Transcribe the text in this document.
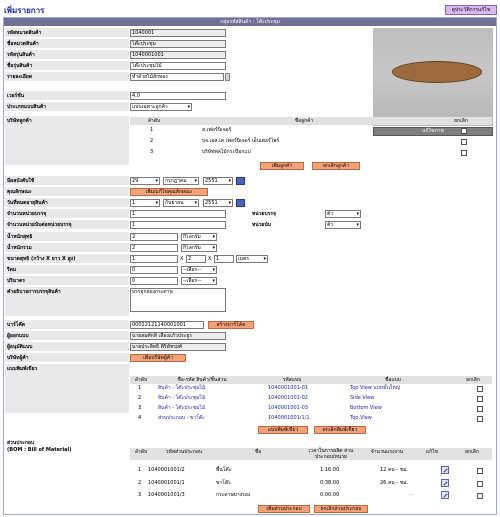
เพิ่มรายการ	ดูประวัติการแก้ไข
กลุ่มรหัสสินค้า : โต๊ะประชุม
รหัสหมวดสินค้า	1040001
ชื่อหมวดสินค้า	โต๊ะประชุม
รหัสรุ่นสินค้า	1040001001
ชื่อรุ่นสินค้า	โต๊ะประชุมไม้
รายละเอียด	ทำด้วยไม้สักทอง
เวอร์ชั่น	4.0
ประเภทแบบสินค้า	แบบเฉพาะลูกค้า ▾
แก้ไขภาพ
บริษัทลูกค้า	ลำดับ	ชื่อลูกค้า	ยกเลิก
1	ส.เฟอร์นิเจอร์
2	บจ.เอส.เค เฟอร์นิเจอร์ เอ็นเตอร์ไพร์
3	บริษัทพลไม้กระบือกแป
เพิ่มลูกค้า	ยกเลิกลูกค้า
มีผลบังคับใช้	29 ▾	กรกฎาคม ▾	2551 ▾
คุณลักษณะ	เพิ่ม/แก้ไขคุณลักษณะ
วันที่หมดอายุสินค้า	1 ▾	กันยายน ▾	2551 ▾
จำนวนหน่วยบรรจุ	1	หน่วยบรรจุ	ตัว ▾
จำนวนหน่วยนับต่อหน่วยบรรจุ	1	หน่วยนับ	ตัว ▾
น้ำหนักสุทธิ	2	กิโลกรัม ▾
น้ำหนักรวม	2	กิโลกรัม ▾
ขนาดสุทธิ (กว้าง X ยาว X สูง)	1	X 2	X 1	เมตร ▾
รีดม	0	--เลือก-- ▾
ปริมาตร	0	--เลือก-- ▾
คำอธิบายการบรรจุสินค้า	บรรจุกล่องกระดาษ
บาร์โค๊ด	00022121140001001	สร้างบาร์โค้ด
ผู้ออกแบบ	นายสมศักดิ์ เลื่องแก้วประยูร
ผู้อนุมัติแบบ	นายประสิทธิ์ ศิริพัชรยศ์
บริษัทผู้ค้า	เพิ่มบริษัทผู้ค้า
แบบพิมพ์เขียว
ลำดับ	ชื่อ-รหัส สินค้า/ชิ้นส่วน	รหัสแบบ	ชื่อแบบ	ยกเลิก
1	สินค้า - โต๊ะประชุมไม้	1040001001-01	Top View แบบขั้นใหญ่
2	สินค้า - โต๊ะประชุมไม้	1040001001-02	Side View
3	สินค้า - โต๊ะประชุมไม้	1040001001-03	Bottom View
4	ส่วนประกอบ - ขาโต๊ะ	1040001001/1/1	Top View
แบบพิมพ์เขียว	ยกเลิกพิมพ์เขียว
ส่วนประกอบ
(BOM : Bill of Material)	ลำดับ	รหัสส่วนประกอบ	ชื่อ	เวลาในการผลิต ส่วนประกอบ/หน่วย
จำนวนแรงงาน	แก้ไข	ยกเลิก
1 1040001001/2	พื้นโต๊ะ	1:16:00	12 คน - ชม.
2 1040001001/1	ขาโต๊ะ	0:38:00	26 คน - ชม.
3 1040001001/3	กระดาษบางรอง	0:00:00	-
เพิ่มส่วนประกอบ	ยกเลิกส่วนประกอบ
